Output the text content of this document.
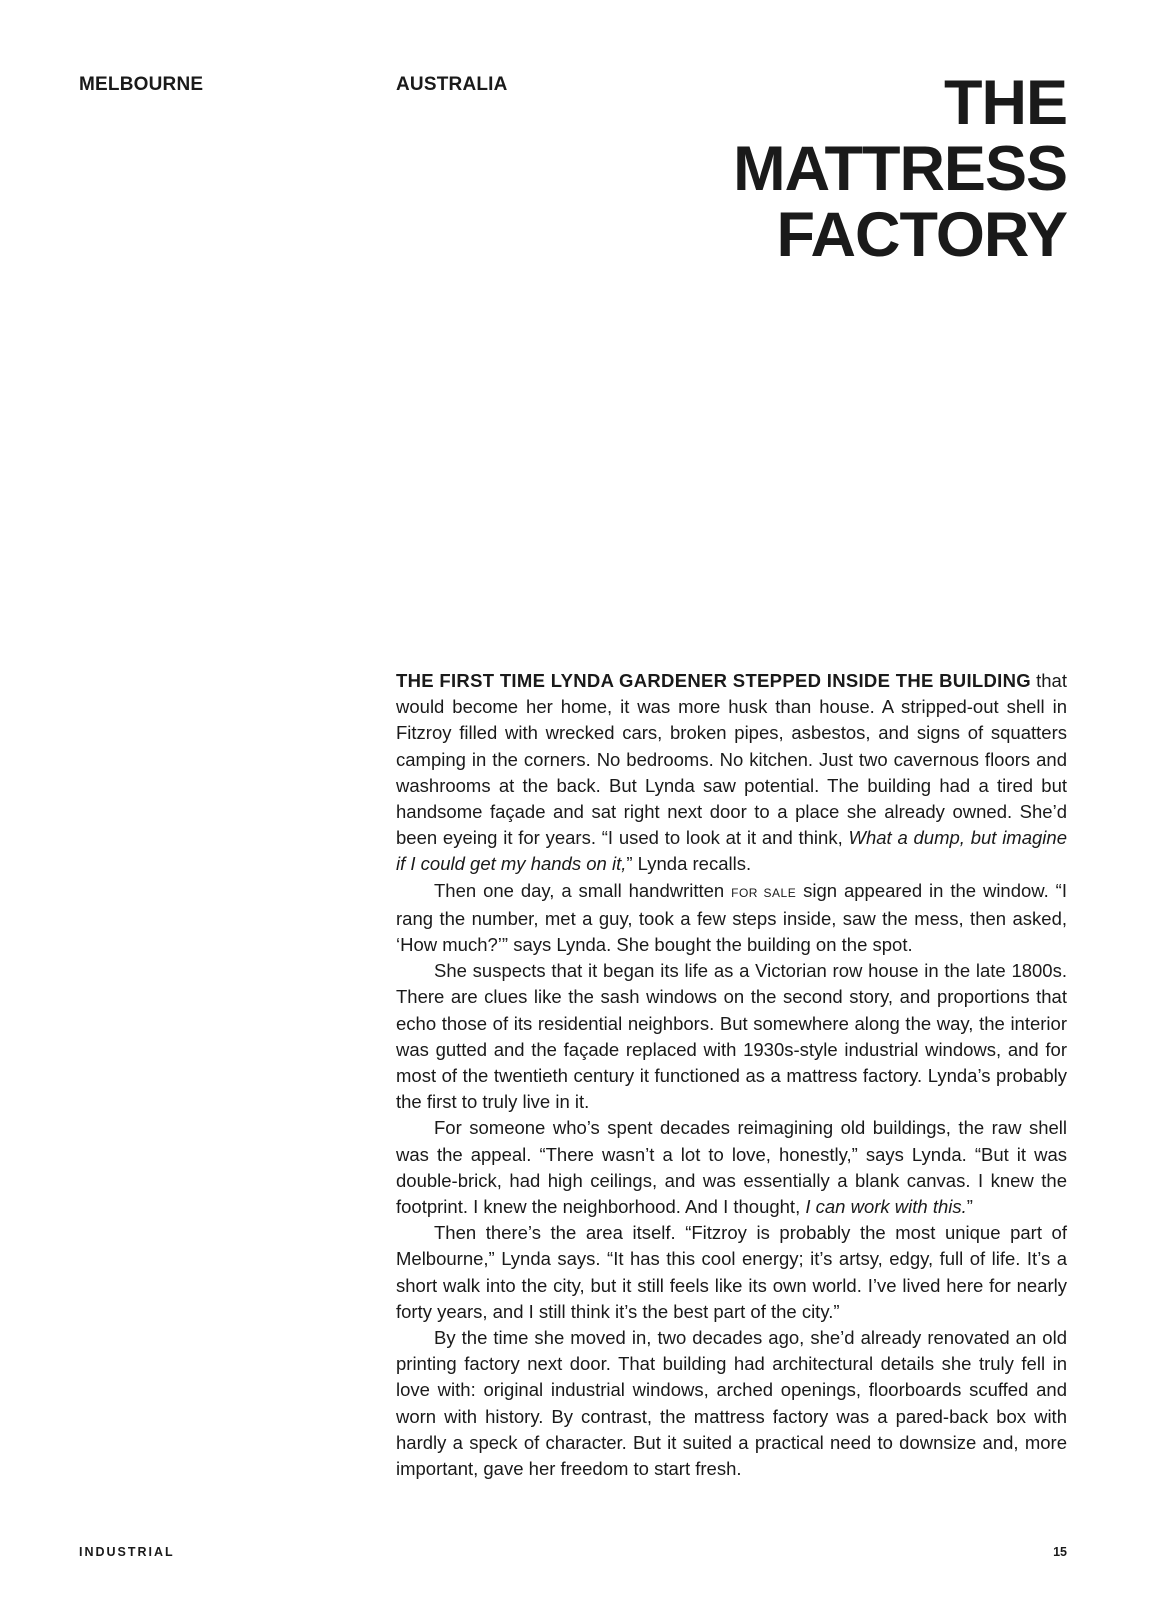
MELBOURNE	AUSTRALIA	THE
MATTRESS
FACTORY

THE FIRST TIME LYNDA GARDENER STEPPED INSIDE THE BUILDING that would become her home, it was more husk than house. A stripped-out shell in Fitzroy filled with wrecked cars, broken pipes, asbestos, and signs of squatters camping in the corners. No bedrooms. No kitchen. Just two cavernous floors and washrooms at the back. But Lynda saw potential. The building had a tired but handsome façade and sat right next door to a place she already owned. She’d been eyeing it for years. “I used to look at it and think, What a dump, but imagine if I could get my hands on it,” Lynda recalls.

Then one day, a small handwritten FOR SALE sign appeared in the window. “I rang the number, met a guy, took a few steps inside, saw the mess, then asked, ‘How much?’” says Lynda. She bought the building on the spot.

She suspects that it began its life as a Victorian row house in the late 1800s. There are clues like the sash windows on the second story, and proportions that echo those of its residential neighbors. But somewhere along the way, the interior was gutted and the façade replaced with 1930s-style industrial windows, and for most of the twentieth century it functioned as a mattress factory. Lynda’s probably the first to truly live in it.

For someone who’s spent decades reimagining old buildings, the raw shell was the appeal. “There wasn’t a lot to love, honestly,” says Lynda. “But it was double-brick, had high ceilings, and was essentially a blank canvas. I knew the footprint. I knew the neighborhood. And I thought, I can work with this.”

Then there’s the area itself. “Fitzroy is probably the most unique part of Melbourne,” Lynda says. “It has this cool energy; it’s artsy, edgy, full of life. It’s a short walk into the city, but it still feels like its own world. I’ve lived here for nearly forty years, and I still think it’s the best part of the city.”

By the time she moved in, two decades ago, she’d already renovated an old printing factory next door. That building had architectural details she truly fell in love with: original industrial windows, arched openings, floorboards scuffed and worn with history. By contrast, the mattress factory was a pared-back box with hardly a speck of character. But it suited a practical need to downsize and, more important, gave her freedom to start fresh.

INDUSTRIAL	15
